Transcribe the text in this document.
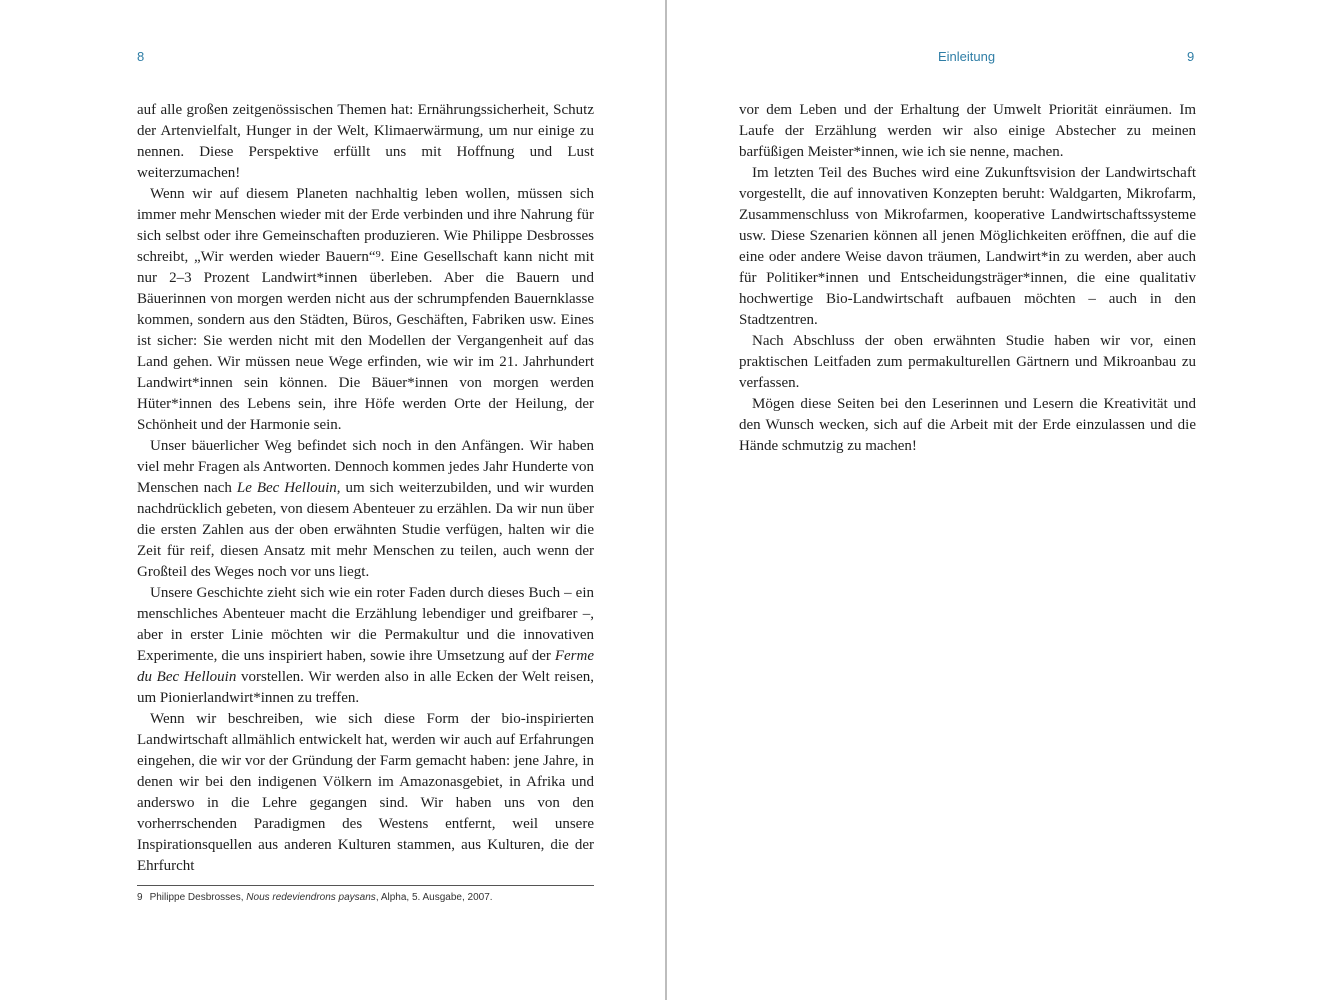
8	Einleitung	9

auf alle großen zeitgenössischen Themen hat: Ernährungssicherheit, Schutz der Artenvielfalt, Hunger in der Welt, Klimaerwärmung, um nur einige zu nennen. Diese Perspektive erfüllt uns mit Hoffnung und Lust weiterzumachen!

Wenn wir auf diesem Planeten nachhaltig leben wollen, müssen sich immer mehr Menschen wieder mit der Erde verbinden und ihre Nahrung für sich selbst oder ihre Gemeinschaften produzieren. Wie Philippe Desbrosses schreibt, „Wir werden wieder Bauern“⁹. Eine Gesellschaft kann nicht mit nur 2–3 Prozent Landwirt*innen überleben. Aber die Bauern und Bäuerinnen von morgen werden nicht aus der schrumpfenden Bauernklasse kommen, sondern aus den Städten, Büros, Geschäften, Fabriken usw. Eines ist sicher: Sie werden nicht mit den Modellen der Vergangenheit auf das Land gehen. Wir müssen neue Wege erfinden, wie wir im 21. Jahrhundert Landwirt*innen sein können. Die Bäuer*innen von morgen werden Hüter*innen des Lebens sein, ihre Höfe werden Orte der Heilung, der Schönheit und der Harmonie sein.

Unser bäuerlicher Weg befindet sich noch in den Anfängen. Wir haben viel mehr Fragen als Antworten. Dennoch kommen jedes Jahr Hunderte von Menschen nach Le Bec Hellouin, um sich weiterzubilden, und wir wurden nachdrücklich gebeten, von diesem Abenteuer zu erzählen. Da wir nun über die ersten Zahlen aus der oben erwähnten Studie verfügen, halten wir die Zeit für reif, diesen Ansatz mit mehr Menschen zu teilen, auch wenn der Großteil des Weges noch vor uns liegt.

Unsere Geschichte zieht sich wie ein roter Faden durch dieses Buch – ein menschliches Abenteuer macht die Erzählung lebendiger und greifbarer –, aber in erster Linie möchten wir die Permakultur und die innovativen Experimente, die uns inspiriert haben, sowie ihre Umsetzung auf der Ferme du Bec Hellouin vorstellen. Wir werden also in alle Ecken der Welt reisen, um Pionierlandwirt*innen zu treffen.

Wenn wir beschreiben, wie sich diese Form der bio-inspirierten Landwirtschaft allmählich entwickelt hat, werden wir auch auf Erfahrungen eingehen, die wir vor der Gründung der Farm gemacht haben: jene Jahre, in denen wir bei den indigenen Völkern im Amazonasgebiet, in Afrika und anderswo in die Lehre gegangen sind. Wir haben uns von den vorherrschenden Paradigmen des Westens entfernt, weil unsere Inspirationsquellen aus anderen Kulturen stammen, aus Kulturen, die der Ehrfurcht

9 Philippe Desbrosses, Nous redeviendrons paysans, Alpha, 5. Ausgabe, 2007.

vor dem Leben und der Erhaltung der Umwelt Priorität einräumen. Im Laufe der Erzählung werden wir also einige Abstecher zu meinen barfüßigen Meister*innen, wie ich sie nenne, machen.

Im letzten Teil des Buches wird eine Zukunftsvision der Landwirtschaft vorgestellt, die auf innovativen Konzepten beruht: Waldgarten, Mikrofarm, Zusammenschluss von Mikrofarmen, kooperative Landwirtschaftssysteme usw. Diese Szenarien können all jenen Möglichkeiten eröffnen, die auf die eine oder andere Weise davon träumen, Landwirt*in zu werden, aber auch für Politiker*innen und Entscheidungsträger*innen, die eine qualitativ hochwertige Bio-Landwirtschaft aufbauen möchten – auch in den Stadtzentren.

Nach Abschluss der oben erwähnten Studie haben wir vor, einen praktischen Leitfaden zum permakulturellen Gärtnern und Mikroanbau zu verfassen.

Mögen diese Seiten bei den Leserinnen und Lesern die Kreativität und den Wunsch wecken, sich auf die Arbeit mit der Erde einzulassen und die Hände schmutzig zu machen!
